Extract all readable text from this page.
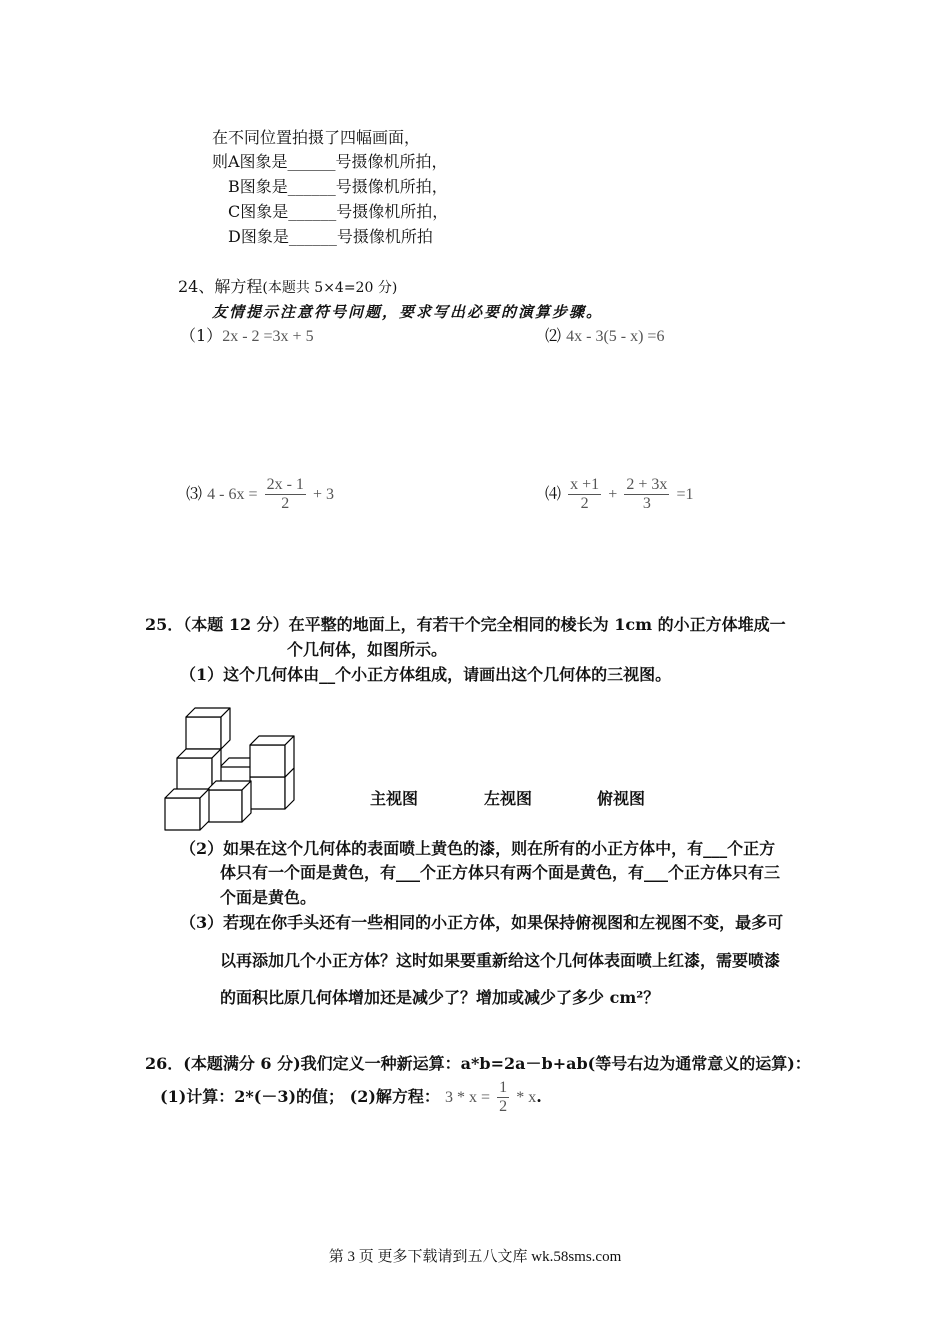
在不同位置拍摄了四幅画面，
则A图象是______号摄像机所拍，
B图象是______号摄像机所拍，
C图象是______号摄像机所拍，
D图象是______号摄像机所拍
24、解方程(本题共 5×4=20 分)
友情提示注意符号问题，要求写出必要的演算步骤。
（1）2x - 2 =3x + 5	⑵ 4x - 3(5 - x) =6
⑶ $4 - 6x = \frac{2x - 1}{2} + 3$	⑷ $\frac{x +1}{2} + \frac{2 + 3x}{3} =1$
25．（本题 12 分）在平整的地面上，有若干个完全相同的棱长为 1cm 的小正方体堆成一
个几何体，如图所示。
（1）这个几何体由__个小正方体组成，请画出这个几何体的三视图。
主视图	左视图	俯视图
（2）如果在这个几何体的表面喷上黄色的漆，则在所有的小正方体中，有___个正方
体只有一个面是黄色，有___个正方体只有两个面是黄色，有___个正方体只有三
个面是黄色。
（3）若现在你手头还有一些相同的小正方体，如果保持俯视图和左视图不变，最多可
以再添加几个小正方体？这时如果要重新给这个几何体表面喷上红漆，需要喷漆
的面积比原几何体增加还是减少了？增加或减少了多少 cm²？
26．(本题满分 6 分)我们定义一种新运算：a*b=2a－b+ab(等号右边为通常意义的运算)：
(1)计算：2*(－3)的值； (2)解方程： $3 * x = \frac{1}{2} * x$.
第 3 页 更多下载请到五八文库 wk.58sms.com
